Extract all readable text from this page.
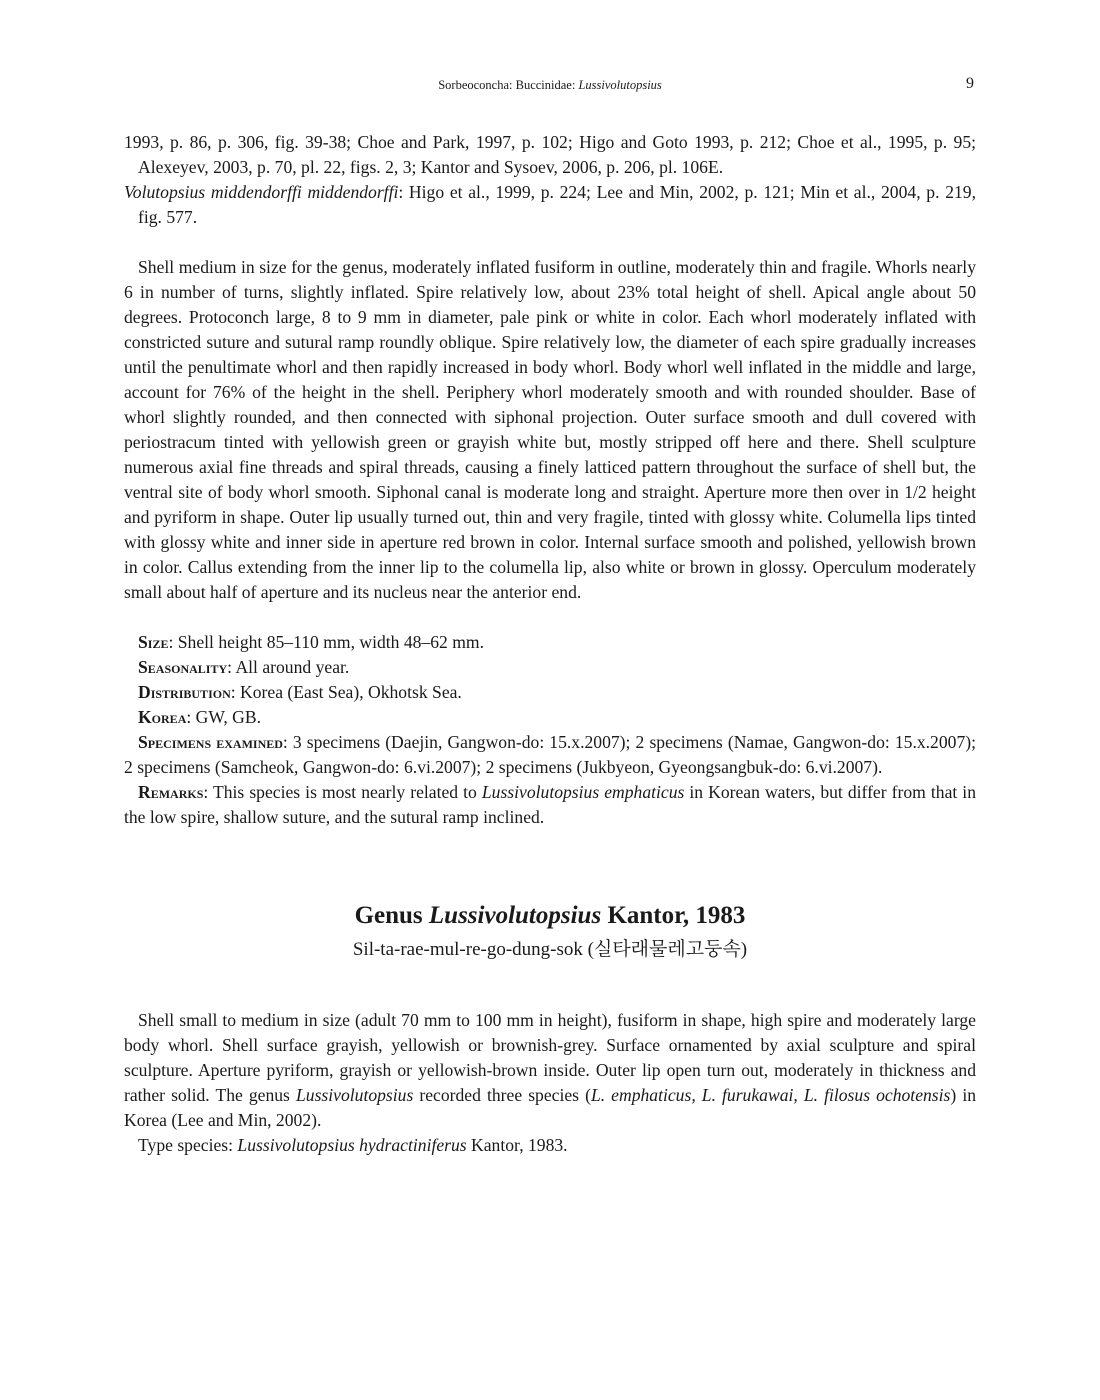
Sorbeoconcha: Buccinidae: Lussivolutopsius	9

1993, p. 86, p. 306, fig. 39-38; Choe and Park, 1997, p. 102; Higo and Goto 1993, p. 212; Choe et al., 1995, p. 95; Alexeyev, 2003, p. 70, pl. 22, figs. 2, 3; Kantor and Sysoev, 2006, p. 206, pl. 106E.

Volutopsius middendorffi middendorffi: Higo et al., 1999, p. 224; Lee and Min, 2002, p. 121; Min et al., 2004, p. 219, fig. 577.

Shell medium in size for the genus, moderately inflated fusiform in outline, moderately thin and fragile. Whorls nearly 6 in number of turns, slightly inflated. Spire relatively low, about 23% total height of shell. Apical angle about 50 degrees. Protoconch large, 8 to 9 mm in diameter, pale pink or white in color. Each whorl moderately inflated with constricted suture and sutural ramp roundly oblique. Spire relatively low, the diameter of each spire gradually increases until the penultimate whorl and then rapidly increased in body whorl. Body whorl well inflated in the middle and large, account for 76% of the height in the shell. Periphery whorl moderately smooth and with rounded shoulder. Base of whorl slightly rounded, and then connected with siphonal projection. Outer surface smooth and dull covered with periostracum tinted with yellowish green or grayish white but, mostly stripped off here and there. Shell sculpture numerous axial fine threads and spiral threads, causing a finely latticed pattern throughout the surface of shell but, the ventral site of body whorl smooth. Siphonal canal is moderate long and straight. Aperture more then over in 1/2 height and pyriform in shape. Outer lip usually turned out, thin and very fragile, tinted with glossy white. Columella lips tinted with glossy white and inner side in aperture red brown in color. Internal surface smooth and polished, yellowish brown in color. Callus extending from the inner lip to the columella lip, also white or brown in glossy. Operculum moderately small about half of aperture and its nucleus near the anterior end.

Size: Shell height 85–110 mm, width 48–62 mm.

Seasonality: All around year.

Distribution: Korea (East Sea), Okhotsk Sea.

Korea: GW, GB.

Specimens examined: 3 specimens (Daejin, Gangwon-do: 15.x.2007); 2 specimens (Namae, Gangwon-do: 15.x.2007); 2 specimens (Samcheok, Gangwon-do: 6.vi.2007); 2 specimens (Jukbyeon, Gyeongsangbuk-do: 6.vi.2007).

Remarks: This species is most nearly related to Lussivolutopsius emphaticus in Korean waters, but differ from that in the low spire, shallow suture, and the sutural ramp inclined.

Genus Lussivolutopsius Kantor, 1983

Sil-ta-rae-mul-re-go-dung-sok (실타래물레고둥속)

Shell small to medium in size (adult 70 mm to 100 mm in height), fusiform in shape, high spire and moderately large body whorl. Shell surface grayish, yellowish or brownish-grey. Surface ornamented by axial sculpture and spiral sculpture. Aperture pyriform, grayish or yellowish-brown inside. Outer lip open turn out, moderately in thickness and rather solid. The genus Lussivolutopsius recorded three species (L. emphaticus, L. furukawai, L. filosus ochotensis) in Korea (Lee and Min, 2002).

Type species: Lussivolutopsius hydractiniferus Kantor, 1983.
